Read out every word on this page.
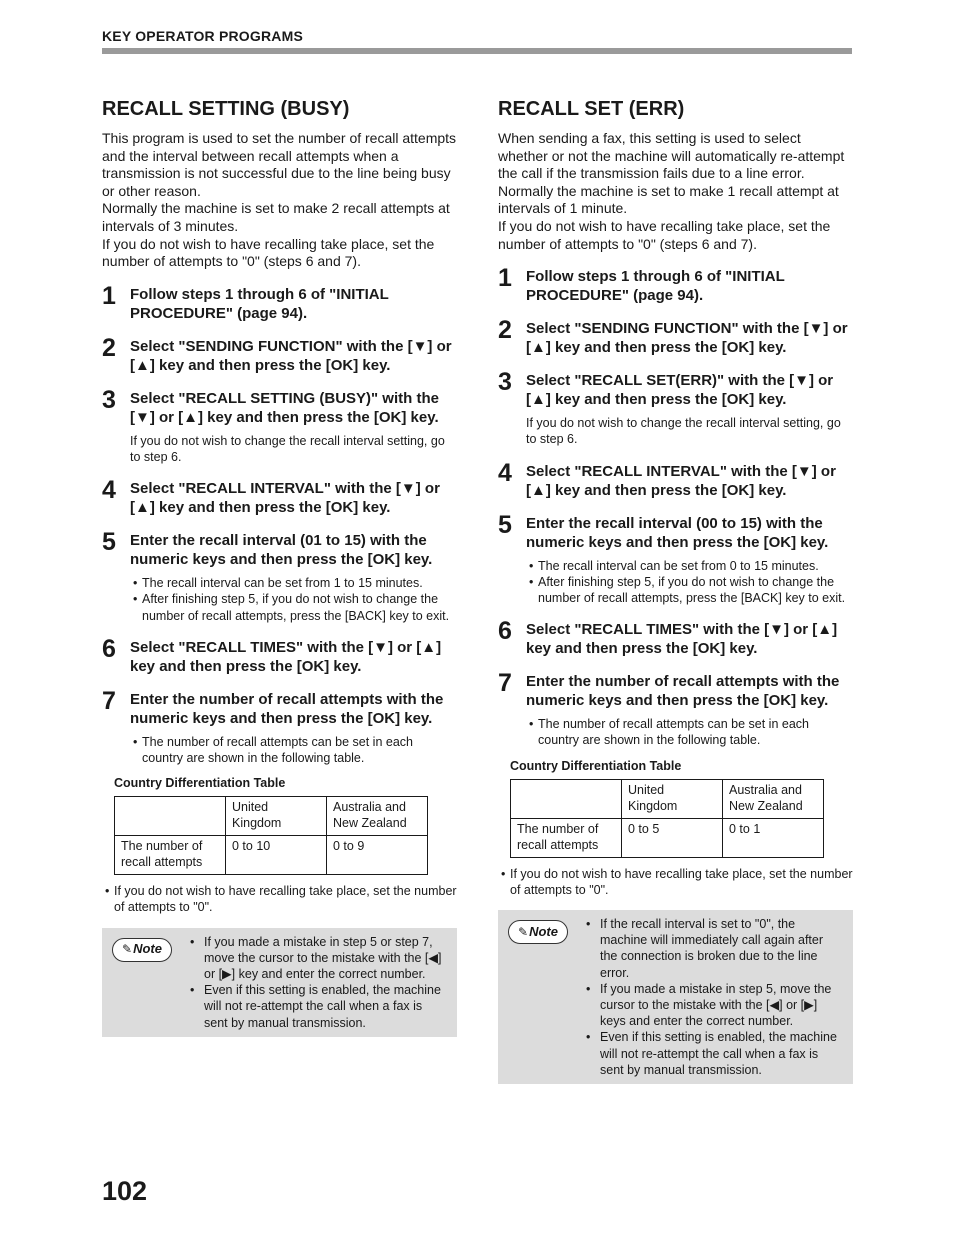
KEY OPERATOR PROGRAMS
RECALL SETTING (BUSY)

This program is used to set the number of recall attempts and the interval between recall attempts when a transmission is not successful due to the line being busy or other reason.

Normally the machine is set to make 2 recall attempts at intervals of 3 minutes.

If you do not wish to have recalling take place, set the number of attempts to "0" (steps 6 and 7).

1 Follow steps 1 through 6 of "INITIAL PROCEDURE" (page 94).
2 Select "SENDING FUNCTION" with the [▼] or [▲] key and then press the [OK] key.
3 Select "RECALL SETTING (BUSY)" with the [▼] or [▲] key and then press the [OK] key.
If you do not wish to change the recall interval setting, go to step 6.
4 Select "RECALL INTERVAL" with the [▼] or [▲] key and then press the [OK] key.
5 Enter the recall interval (01 to 15) with the numeric keys and then press the [OK] key.
• The recall interval can be set from 1 to 15 minutes.
• After finishing step 5, if you do not wish to change the number of recall attempts, press the [BACK] key to exit.
6 Select "RECALL TIMES" with the [▼] or [▲] key and then press the [OK] key.
7 Enter the number of recall attempts with the numeric keys and then press the [OK] key.
• The number of recall attempts can be set in each country are shown in the following table.
Country Differentiation Table
	United Kingdom	Australia and New Zealand
The number of recall attempts	0 to 10	0 to 9
• If you do not wish to have recalling take place, set the number of attempts to "0".
✎ Note • If you made a mistake in step 5 or step 7, move the cursor to the mistake with the [◀] or [▶] key and enter the correct number.
• Even if this setting is enabled, the machine will not re-attempt the call when a fax is sent by manual transmission.
RECALL SET (ERR)

When sending a fax, this setting is used to select whether or not the machine will automatically re-attempt the call if the transmission fails due to a line error. Normally the machine is set to make 1 recall attempt at intervals of 1 minute.

If you do not wish to have recalling take place, set the number of attempts to "0" (steps 6 and 7).

1 Follow steps 1 through 6 of "INITIAL PROCEDURE" (page 94).
2 Select "SENDING FUNCTION" with the [▼] or [▲] key and then press the [OK] key.
3 Select "RECALL SET(ERR)" with the [▼] or [▲] key and then press the [OK] key.
If you do not wish to change the recall interval setting, go to step 6.
4 Select "RECALL INTERVAL" with the [▼] or [▲] key and then press the [OK] key.
5 Enter the recall interval (00 to 15) with the numeric keys and then press the [OK] key.
• The recall interval can be set from 0 to 15 minutes.
• After finishing step 5, if you do not wish to change the number of recall attempts, press the [BACK] key to exit.
6 Select "RECALL TIMES" with the [▼] or [▲] key and then press the [OK] key.
7 Enter the number of recall attempts with the numeric keys and then press the [OK] key.
• The number of recall attempts can be set in each country are shown in the following table.
Country Differentiation Table
	United Kingdom	Australia and New Zealand
The number of recall attempts	0 to 5	0 to 1
• If you do not wish to have recalling take place, set the number of attempts to "0".
✎ Note • If the recall interval is set to "0", the machine will immediately call again after the connection is broken due to the line error.
• If you made a mistake in step 5, move the cursor to the mistake with the [◀] or [▶] keys and enter the correct number.
• Even if this setting is enabled, the machine will not re-attempt the call when a fax is sent by manual transmission.
102
